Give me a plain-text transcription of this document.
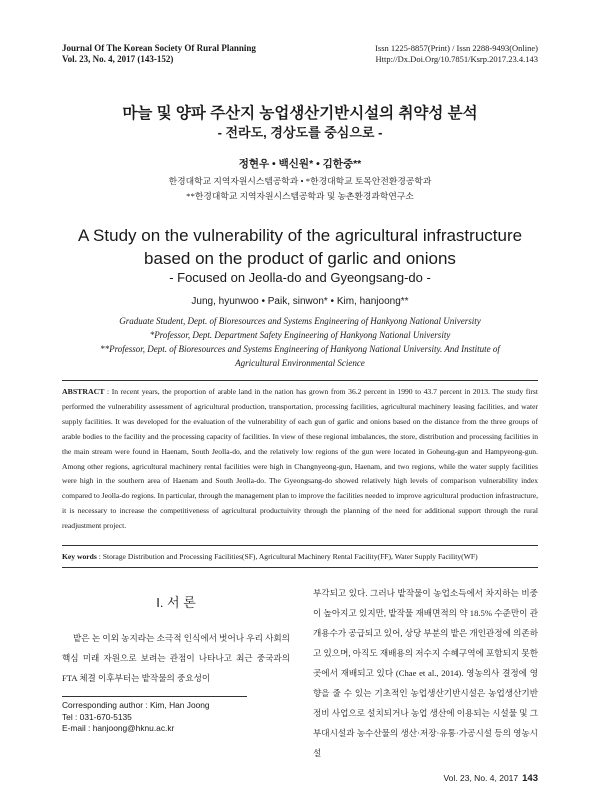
Journal Of The Korean Society Of Rural Planning
Vol. 23, No. 4, 2017 (143-152)
Issn 1225-8857(Print) / Issn 2288-9493(Online)
Http://Dx.Doi.Org/10.7851/Ksrp.2017.23.4.143
마늘 및 양파 주산지 농업생산기반시설의 취약성 분석
- 전라도, 경상도를 중심으로 -
정현우 • 백신원* • 김한중**
한경대학교 지역자원시스템공학과 • *한경대학교 토목안전환경공학과
**한경대학교 지역자원시스템공학과 및 농촌환경과학연구소
A Study on the vulnerability of the agricultural infrastructure
based on the product of garlic and onions
- Focused on Jeolla-do and Gyeongsang-do -
Jung, hyunwoo • Paik, sinwon* • Kim, hanjoong**
Graduate Student, Dept. of Bioresources and Systems Engineering of Hankyong National University
*Professor, Dept. Department Safety Engineering of Hankyong National University
**Professor, Dept. of Bioresources and Systems Engineering of Hankyong National University. And Institute of
Agricultural Environmental Science
ABSTRACT : In recent years, the proportion of arable land in the nation has grown from 36.2 percent in 1990 to 43.7 percent in 2013. The study first performed the vulnerability assessment of agricultural production, transportation, processing facilities, agricultural machinery leasing facilities, and water supply facilities. It was developed for the evaluation of the vulnerability of each gun of garlic and onions based on the distance from the three groups of arable bodies to the facility and the processing capacity of facilities. In view of these regional imbalances, the store, distribution and processing facilities in the main stream were found in Haenam, South Jeolla-do, and the relatively low regions of the gun were located in Goheung-gun and Hampyeong-gun. Among other regions, agricultural machinery rental facilities were high in Changnyeong-gun, Haenam, and two regions, while the water supply facilities were high in the southern area of Haenam and South Jeolla-do. The Gyeongsang-do showed relatively high levels of comparison vulnerability index compared to Jeolla-do regions. In particular, through the management plan to improve the facilities needed to improve agricultural production infrastructure, it is necessary to increase the competitiveness of agricultural productuivity through the planning of the need for additional support through the rural readjustment project.
Key words : Storage Distribution and Processing Facilities(SF), Agricultural Machinery Rental Facility(FF), Water Supply Facility(WF)
I. 서 론
밭은 논 이외 농지라는 소극적 인식에서 벗어나 우리 사회의 핵심 미래 자원으로 보려는 관점이 나타나고 최근 중국과의 FTA 체결 이후부터는 밭작물의 중요성이
부각되고 있다. 그러나 밭작물이 농업소득에서 차지하는 비중이 높아지고 있지만, 밭작물 재배면적의 약 18.5% 수준만이 관개용수가 공급되고 있어, 상당 부분의 밭은 개인관정에 의존하고 있으며, 아직도 재배용의 저수지 수혜구역에 포함되지 못한 곳에서 재배되고 있다 (Chae et al., 2014). 영농의사 결정에 영향을 줄 수 있는 기초적인 농업생산기반시설은 농업생산기반 정비 사업으로 설치되거나 농업 생산에 이용되는 시설물 및 그 부대시설과 농수산물의 생산·저장·유통·가공시설 등의 영농시설
Corresponding author : Kim, Han Joong
Tel : 031-670-5135
E-mail : hanjoong@hknu.ac.kr
Vol. 23, No. 4, 2017 143
